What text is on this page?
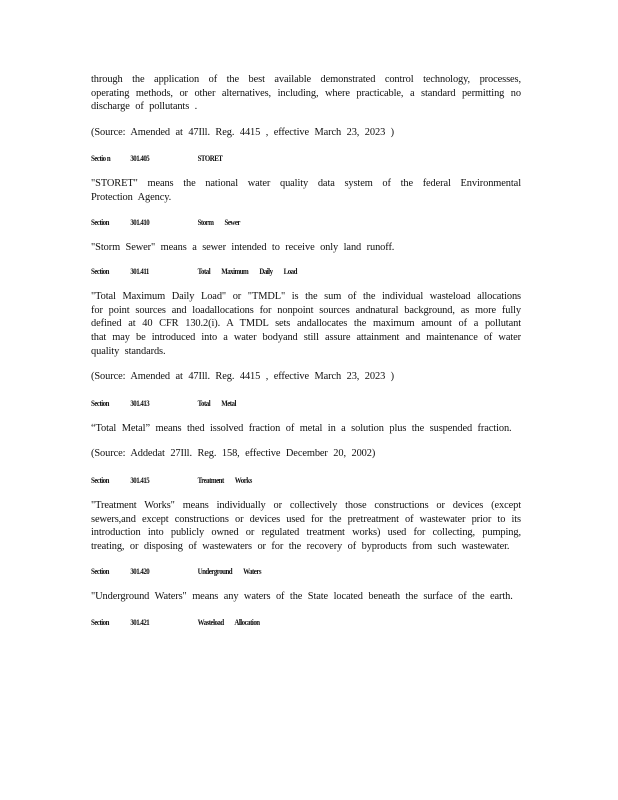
through the application of the best available demonstrated control technology, processes, operating methods, or other alternatives, including, where practicable, a standard permitting no discharge of pollutants .

(Source: Amended at 47Ill. Reg. 4415 , effective March 23, 2023 )

Sectio n	301.405	STORET

"STORET" means the national water quality data system of the federal Environmental Protection Agency.

Section	301.410	Storm Sewer

"Storm Sewer" means a sewer intended to receive only land runoff.

Section	301.411	Total Maximum Daily Load

"Total Maximum Daily Load" or "TMDL" is the sum of the individual wasteload allocations for point sources and loadallocations for nonpoint sources andnatural background, as more fully defined at 40 CFR 130.2(i). A TMDL sets andallocates the maximum amount of a pollutant that may be introduced into a water bodyand still assure attainment and maintenance of water quality standards.

(Source: Amended at 47Ill. Reg. 4415 , effective March 23, 2023 )

Section	301.413	Total Metal

“Total Metal” means thed issolved fraction of metal in a solution plus the suspended fraction.

(Source: Addedat 27Ill. Reg. 158, effective December 20, 2002)

Section	301.415	Treatment Works

"Treatment Works" means individually or collectively those constructions or devices (except sewers,and except constructions or devices used for the pretreatment of wastewater prior to its introduction into publicly owned or regulated treatment works) used for collecting, pumping, treating, or disposing of wastewaters or for the recovery of byproducts from such wastewater.

Section	301.420	Underground Waters

"Underground Waters" means any waters of the State located beneath the surface of the earth.

Section	301.421	Wasteload Allocation
